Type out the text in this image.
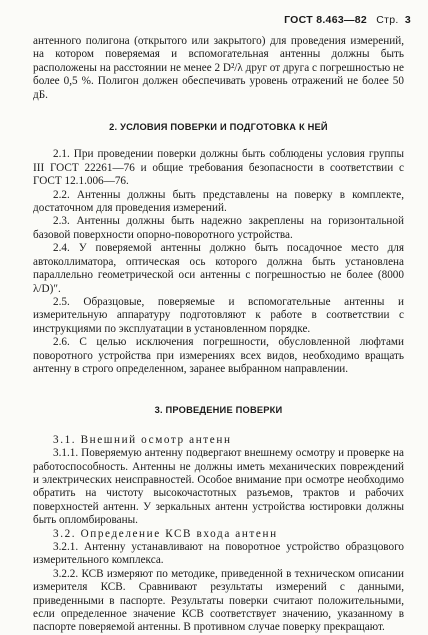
ГОСТ 8.463—82 Стр. 3

антенного полигона (открытого или закрытого) для проведения измерений, на котором поверяемая и вспомогательная антенны должны быть расположены на расстоянии не менее 2 D²/λ друг от друга с погрешностью не более 0,5 %. Полигон должен обеспечивать уровень отражений не более 50 дБ.

2. УСЛОВИЯ ПОВЕРКИ И ПОДГОТОВКА К НЕЙ

2.1. При проведении поверки должны быть соблюдены условия группы III ГОСТ 22261—76 и общие требования безопасности в соответствии с ГОСТ 12.1.006—76.

2.2. Антенны должны быть представлены на поверку в комплекте, достаточном для проведения измерений.

2.3. Антенны должны быть надежно закреплены на горизонтальной базовой поверхности опорно-поворотного устройства.

2.4. У поверяемой антенны должно быть посадочное место для автоколлиматора, оптическая ось которого должна быть установлена параллельно геометрической оси антенны с погрешностью не более (8000 λ/D)″.

2.5. Образцовые, поверяемые и вспомогательные антенны и измерительную аппаратуру подготовляют к работе в соответствии с инструкциями по эксплуатации в установленном порядке.

2.6. С целью исключения погрешности, обусловленной люфтами поворотного устройства при измерениях всех видов, необходимо вращать антенну в строго определенном, заранее выбранном направлении.

3. ПРОВЕДЕНИЕ ПОВЕРКИ

3.1. Внешний осмотр антенн

3.1.1. Поверяемую антенну подвергают внешнему осмотру и проверке на работоспособность. Антенны не должны иметь механических повреждений и электрических неисправностей. Особое внимание при осмотре необходимо обратить на чистоту высокочастотных разъемов, трактов и рабочих поверхностей антенн. У зеркальных антенн устройства юстировки должны быть опломбированы.

3.2. Определение КСВ входа антенн

3.2.1. Антенну устанавливают на поворотное устройство образцового измерительного комплекса.

3.2.2. КСВ измеряют по методике, приведенной в техническом описании измерителя КСВ. Сравнивают результаты измерений с данными, приведенными в паспорте. Результаты поверки считают положительными, если определенное значение КСВ соответствует значению, указанному в паспорте поверяемой антенны. В противном случае поверку прекращают.
